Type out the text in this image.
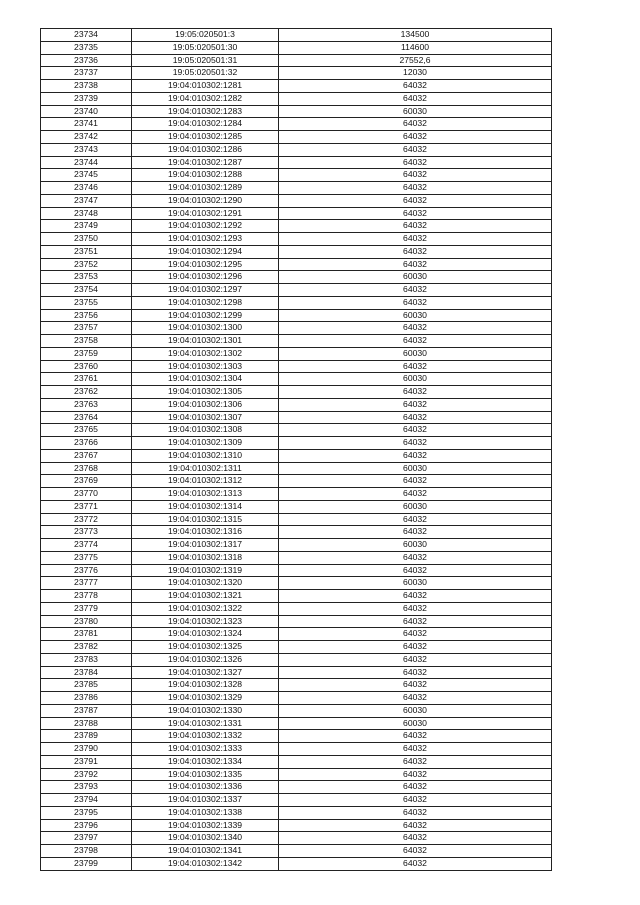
23734	19:05:020501:3	134500
23735	19:05:020501:30	114600
23736	19:05:020501:31	27552,6
23737	19:05:020501:32	12030
23738	19:04:010302:1281	64032
23739	19:04:010302:1282	64032
23740	19:04:010302:1283	60030
23741	19:04:010302:1284	64032
23742	19:04:010302:1285	64032
23743	19:04:010302:1286	64032
23744	19:04:010302:1287	64032
23745	19:04:010302:1288	64032
23746	19:04:010302:1289	64032
23747	19:04:010302:1290	64032
23748	19:04:010302:1291	64032
23749	19:04:010302:1292	64032
23750	19:04:010302:1293	64032
23751	19:04:010302:1294	64032
23752	19:04:010302:1295	64032
23753	19:04:010302:1296	60030
23754	19:04:010302:1297	64032
23755	19:04:010302:1298	64032
23756	19:04:010302:1299	60030
23757	19:04:010302:1300	64032
23758	19:04:010302:1301	64032
23759	19:04:010302:1302	60030
23760	19:04:010302:1303	64032
23761	19:04:010302:1304	60030
23762	19:04:010302:1305	64032
23763	19:04:010302:1306	64032
23764	19:04:010302:1307	64032
23765	19:04:010302:1308	64032
23766	19:04:010302:1309	64032
23767	19:04:010302:1310	64032
23768	19:04:010302:1311	60030
23769	19:04:010302:1312	64032
23770	19:04:010302:1313	64032
23771	19:04:010302:1314	60030
23772	19:04:010302:1315	64032
23773	19:04:010302:1316	64032
23774	19:04:010302:1317	60030
23775	19:04:010302:1318	64032
23776	19:04:010302:1319	64032
23777	19:04:010302:1320	60030
23778	19:04:010302:1321	64032
23779	19:04:010302:1322	64032
23780	19:04:010302:1323	64032
23781	19:04:010302:1324	64032
23782	19:04:010302:1325	64032
23783	19:04:010302:1326	64032
23784	19:04:010302:1327	64032
23785	19:04:010302:1328	64032
23786	19:04:010302:1329	64032
23787	19:04:010302:1330	60030
23788	19:04:010302:1331	60030
23789	19:04:010302:1332	64032
23790	19:04:010302:1333	64032
23791	19:04:010302:1334	64032
23792	19:04:010302:1335	64032
23793	19:04:010302:1336	64032
23794	19:04:010302:1337	64032
23795	19:04:010302:1338	64032
23796	19:04:010302:1339	64032
23797	19:04:010302:1340	64032
23798	19:04:010302:1341	64032
23799	19:04:010302:1342	64032
